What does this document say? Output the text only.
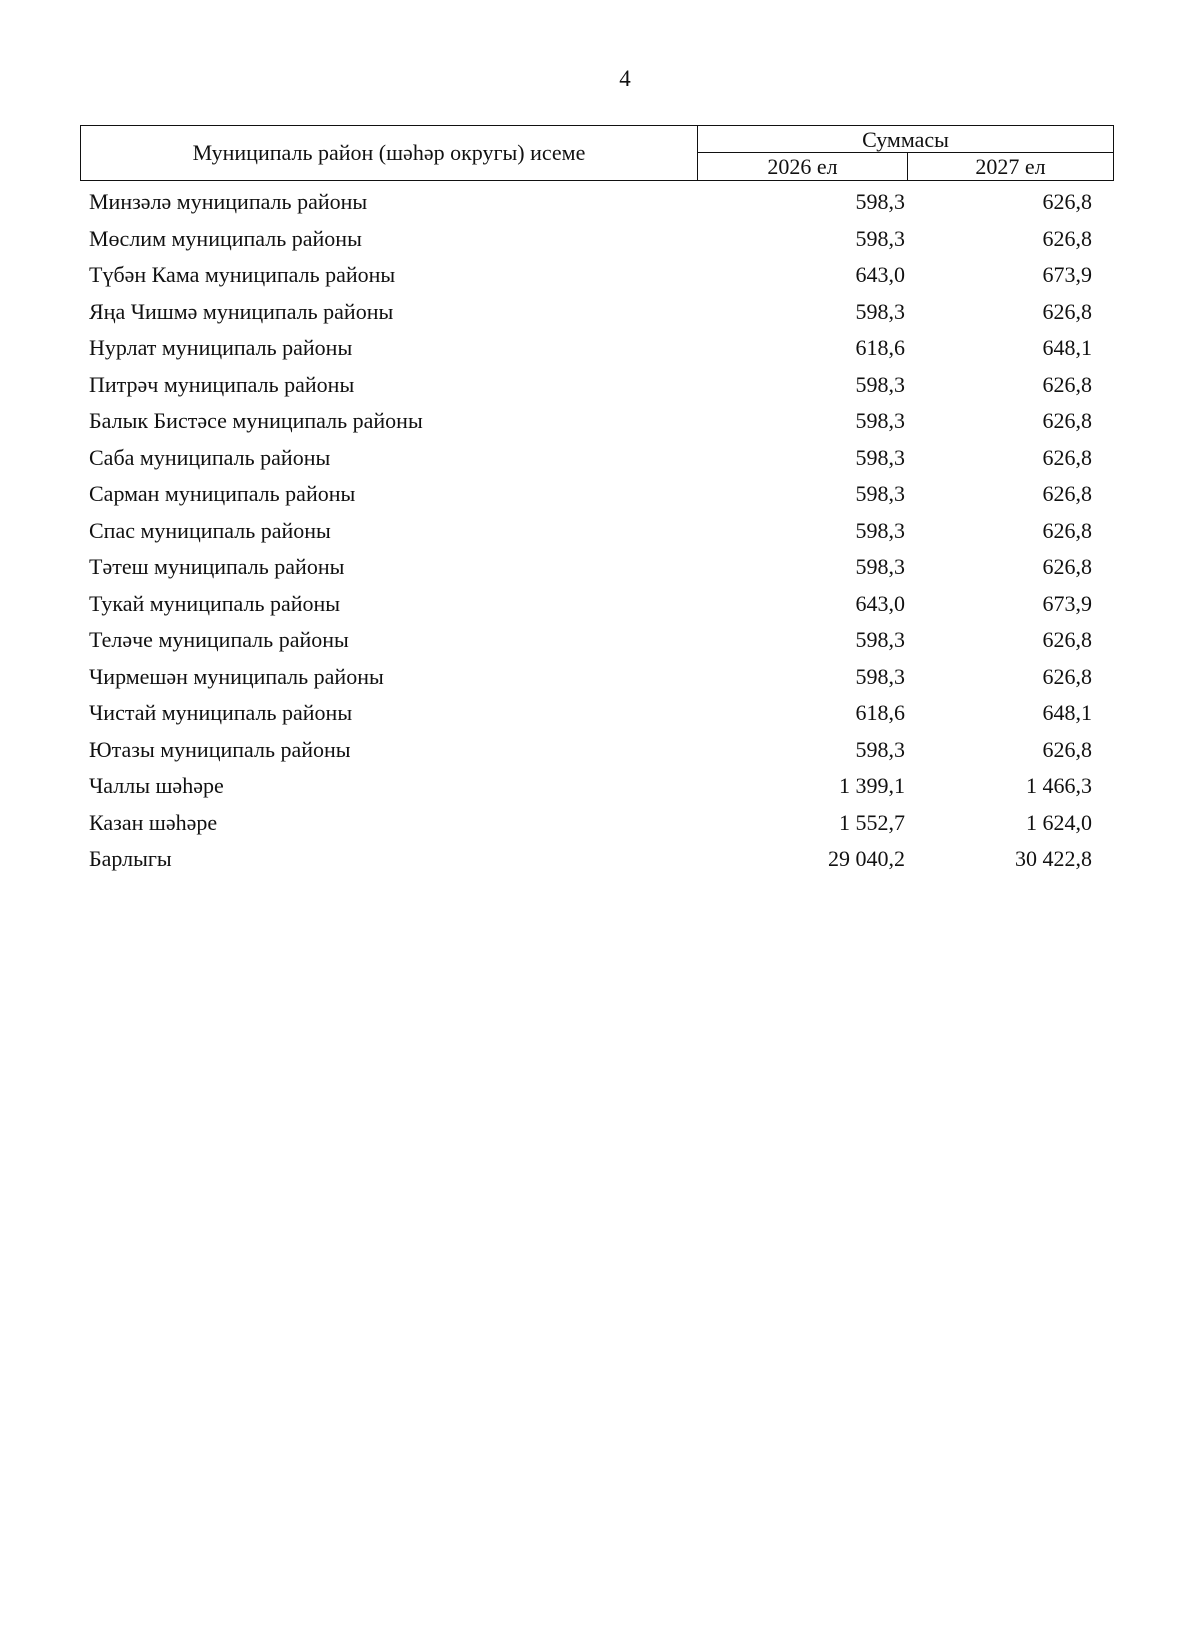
4
Муниципаль район (шәһәр округы) исеме
Суммасы
2026 ел	2027 ел
Минзәлә муниципаль районы	598,3	626,8
Мөслим муниципаль районы	598,3	626,8
Түбән Кама муниципаль районы	643,0	673,9
Яңа Чишмә муниципаль районы	598,3	626,8
Нурлат муниципаль районы	618,6	648,1
Питрәч муниципаль районы	598,3	626,8
Балык Бистәсе муниципаль районы	598,3	626,8
Саба муниципаль районы	598,3	626,8
Сарман муниципаль районы	598,3	626,8
Спас муниципаль районы	598,3	626,8
Тәтеш муниципаль районы	598,3	626,8
Тукай муниципаль районы	643,0	673,9
Теләче муниципаль районы	598,3	626,8
Чирмешән муниципаль районы	598,3	626,8
Чистай муниципаль районы	618,6	648,1
Ютазы муниципаль районы	598,3	626,8
Чаллы шәһәре	1 399,1	1 466,3
Казан шәһәре	1 552,7	1 624,0
Барлыгы	29 040,2	30 422,8
